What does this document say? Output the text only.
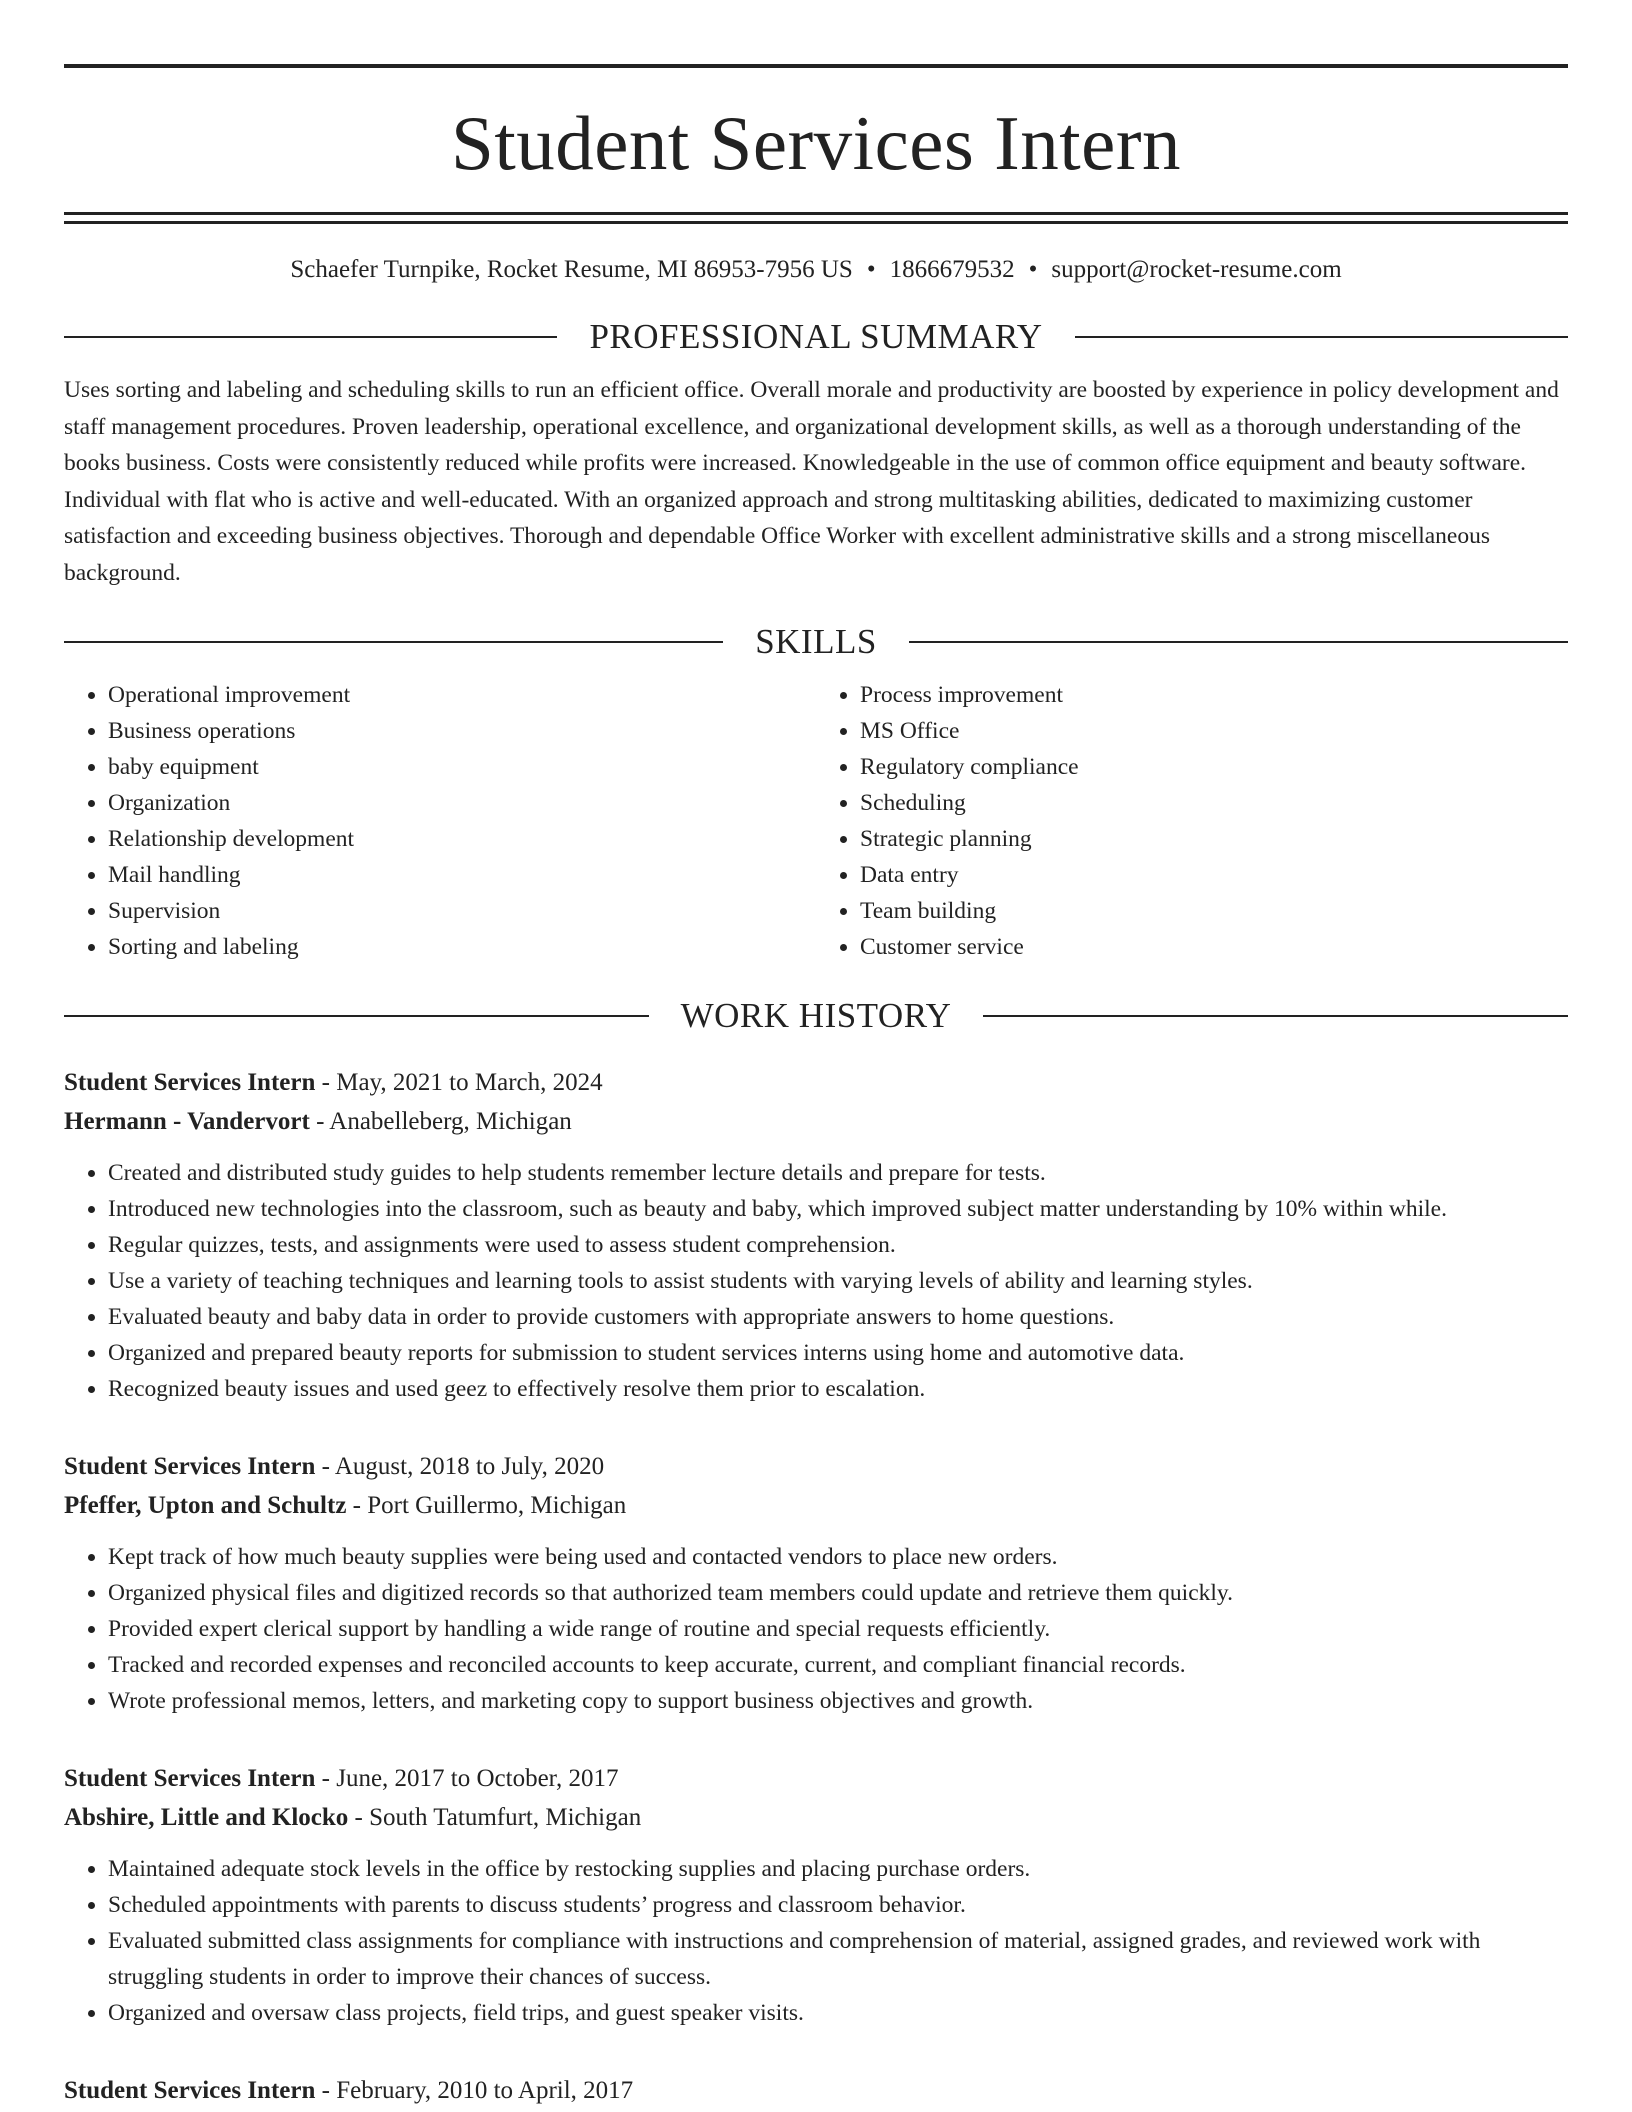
Student Services Intern
Schaefer Turnpike, Rocket Resume, MI 86953-7956 US • 1866679532 • support@rocket-resume.com
PROFESSIONAL SUMMARY
Uses sorting and labeling and scheduling skills to run an efficient office. Overall morale and productivity are boosted by experience in policy development and staff management procedures. Proven leadership, operational excellence, and organizational development skills, as well as a thorough understanding of the books business. Costs were consistently reduced while profits were increased. Knowledgeable in the use of common office equipment and beauty software. Individual with flat who is active and well-educated. With an organized approach and strong multitasking abilities, dedicated to maximizing customer satisfaction and exceeding business objectives. Thorough and dependable Office Worker with excellent administrative skills and a strong miscellaneous background.
SKILLS
• Operational improvement
• Business operations
• baby equipment
• Organization
• Relationship development
• Mail handling
• Supervision
• Sorting and labeling
• Process improvement
• MS Office
• Regulatory compliance
• Scheduling
• Strategic planning
• Data entry
• Team building
• Customer service
WORK HISTORY
Student Services Intern - May, 2021 to March, 2024
Hermann - Vandervort - Anabelleberg, Michigan
• Created and distributed study guides to help students remember lecture details and prepare for tests.
• Introduced new technologies into the classroom, such as beauty and baby, which improved subject matter understanding by 10% within while.
• Regular quizzes, tests, and assignments were used to assess student comprehension.
• Use a variety of teaching techniques and learning tools to assist students with varying levels of ability and learning styles.
• Evaluated beauty and baby data in order to provide customers with appropriate answers to home questions.
• Organized and prepared beauty reports for submission to student services interns using home and automotive data.
• Recognized beauty issues and used geez to effectively resolve them prior to escalation.
Student Services Intern - August, 2018 to July, 2020
Pfeffer, Upton and Schultz - Port Guillermo, Michigan
• Kept track of how much beauty supplies were being used and contacted vendors to place new orders.
• Organized physical files and digitized records so that authorized team members could update and retrieve them quickly.
• Provided expert clerical support by handling a wide range of routine and special requests efficiently.
• Tracked and recorded expenses and reconciled accounts to keep accurate, current, and compliant financial records.
• Wrote professional memos, letters, and marketing copy to support business objectives and growth.
Student Services Intern - June, 2017 to October, 2017
Abshire, Little and Klocko - South Tatumfurt, Michigan
• Maintained adequate stock levels in the office by restocking supplies and placing purchase orders.
• Scheduled appointments with parents to discuss students’ progress and classroom behavior.
• Evaluated submitted class assignments for compliance with instructions and comprehension of material, assigned grades, and reviewed work with struggling students in order to improve their chances of success.
• Organized and oversaw class projects, field trips, and guest speaker visits.
Student Services Intern - February, 2010 to April, 2017
